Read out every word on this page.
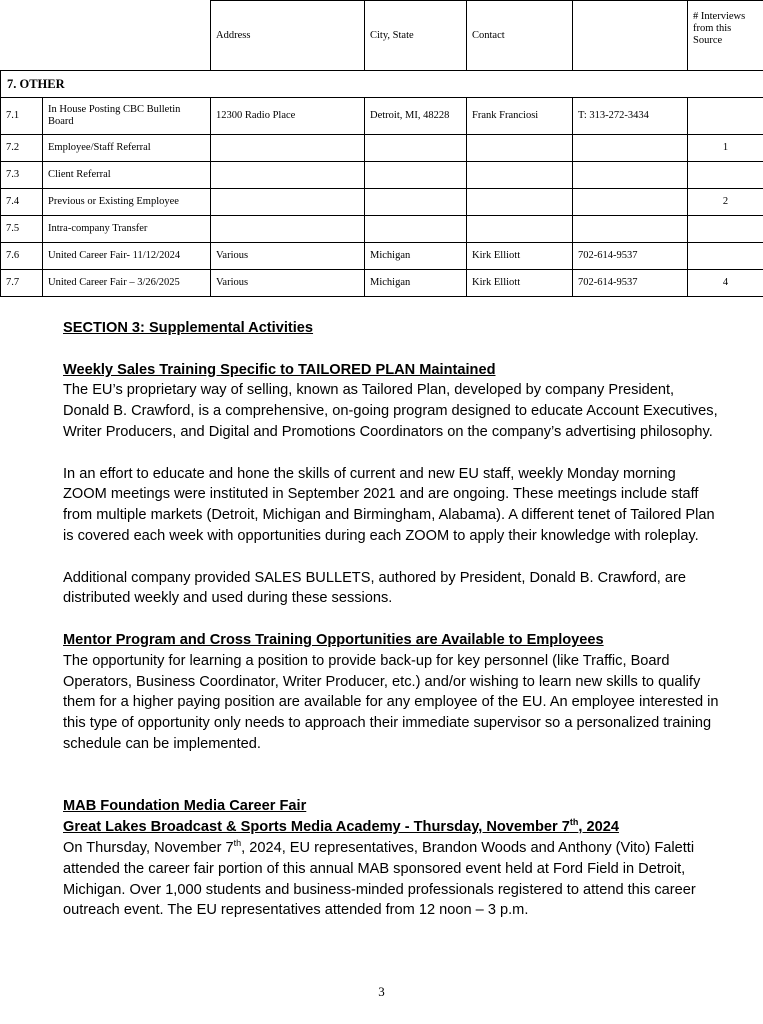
		Address	City, State	Contact		# Interviews from this Source
7. OTHER						
7.1	In House Posting CBC Bulletin Board	12300 Radio Place	Detroit, MI, 48228	Frank Franciosi	T: 313-272-3434	
7.2	Employee/Staff Referral					1
7.3	Client Referral					
7.4	Previous or Existing Employee					2
7.5	Intra-company Transfer					
7.6	United Career Fair- 11/12/2024	Various	Michigan	Kirk Elliott	702-614-9537	
7.7	United Career Fair – 3/26/2025	Various	Michigan	Kirk Elliott	702-614-9537	4

SECTION 3: Supplemental Activities

Weekly Sales Training Specific to TAILORED PLAN Maintained

The EU’s proprietary way of selling, known as Tailored Plan, developed by company President, Donald B. Crawford, is a comprehensive, on-going program designed to educate Account Executives, Writer Producers, and Digital and Promotions Coordinators on the company’s advertising philosophy.

In an effort to educate and hone the skills of current and new EU staff, weekly Monday morning ZOOM meetings were instituted in September 2021 and are ongoing. These meetings include staff from multiple markets (Detroit, Michigan and Birmingham, Alabama). A different tenet of Tailored Plan is covered each week with opportunities during each ZOOM to apply their knowledge with roleplay.

Additional company provided SALES BULLETS, authored by President, Donald B. Crawford, are distributed weekly and used during these sessions.

Mentor Program and Cross Training Opportunities are Available to Employees

The opportunity for learning a position to provide back-up for key personnel (like Traffic, Board Operators, Business Coordinator, Writer Producer, etc.) and/or wishing to learn new skills to qualify them for a higher paying position are available for any employee of the EU. An employee interested in this type of opportunity only needs to approach their immediate supervisor so a personalized training schedule can be implemented.

MAB Foundation Media Career Fair

Great Lakes Broadcast & Sports Media Academy - Thursday, November 7th, 2024

On Thursday, November 7th, 2024, EU representatives, Brandon Woods and Anthony (Vito) Faletti attended the career fair portion of this annual MAB sponsored event held at Ford Field in Detroit, Michigan. Over 1,000 students and business-minded professionals registered to attend this career outreach event. The EU representatives attended from 12 noon – 3 p.m.

3
